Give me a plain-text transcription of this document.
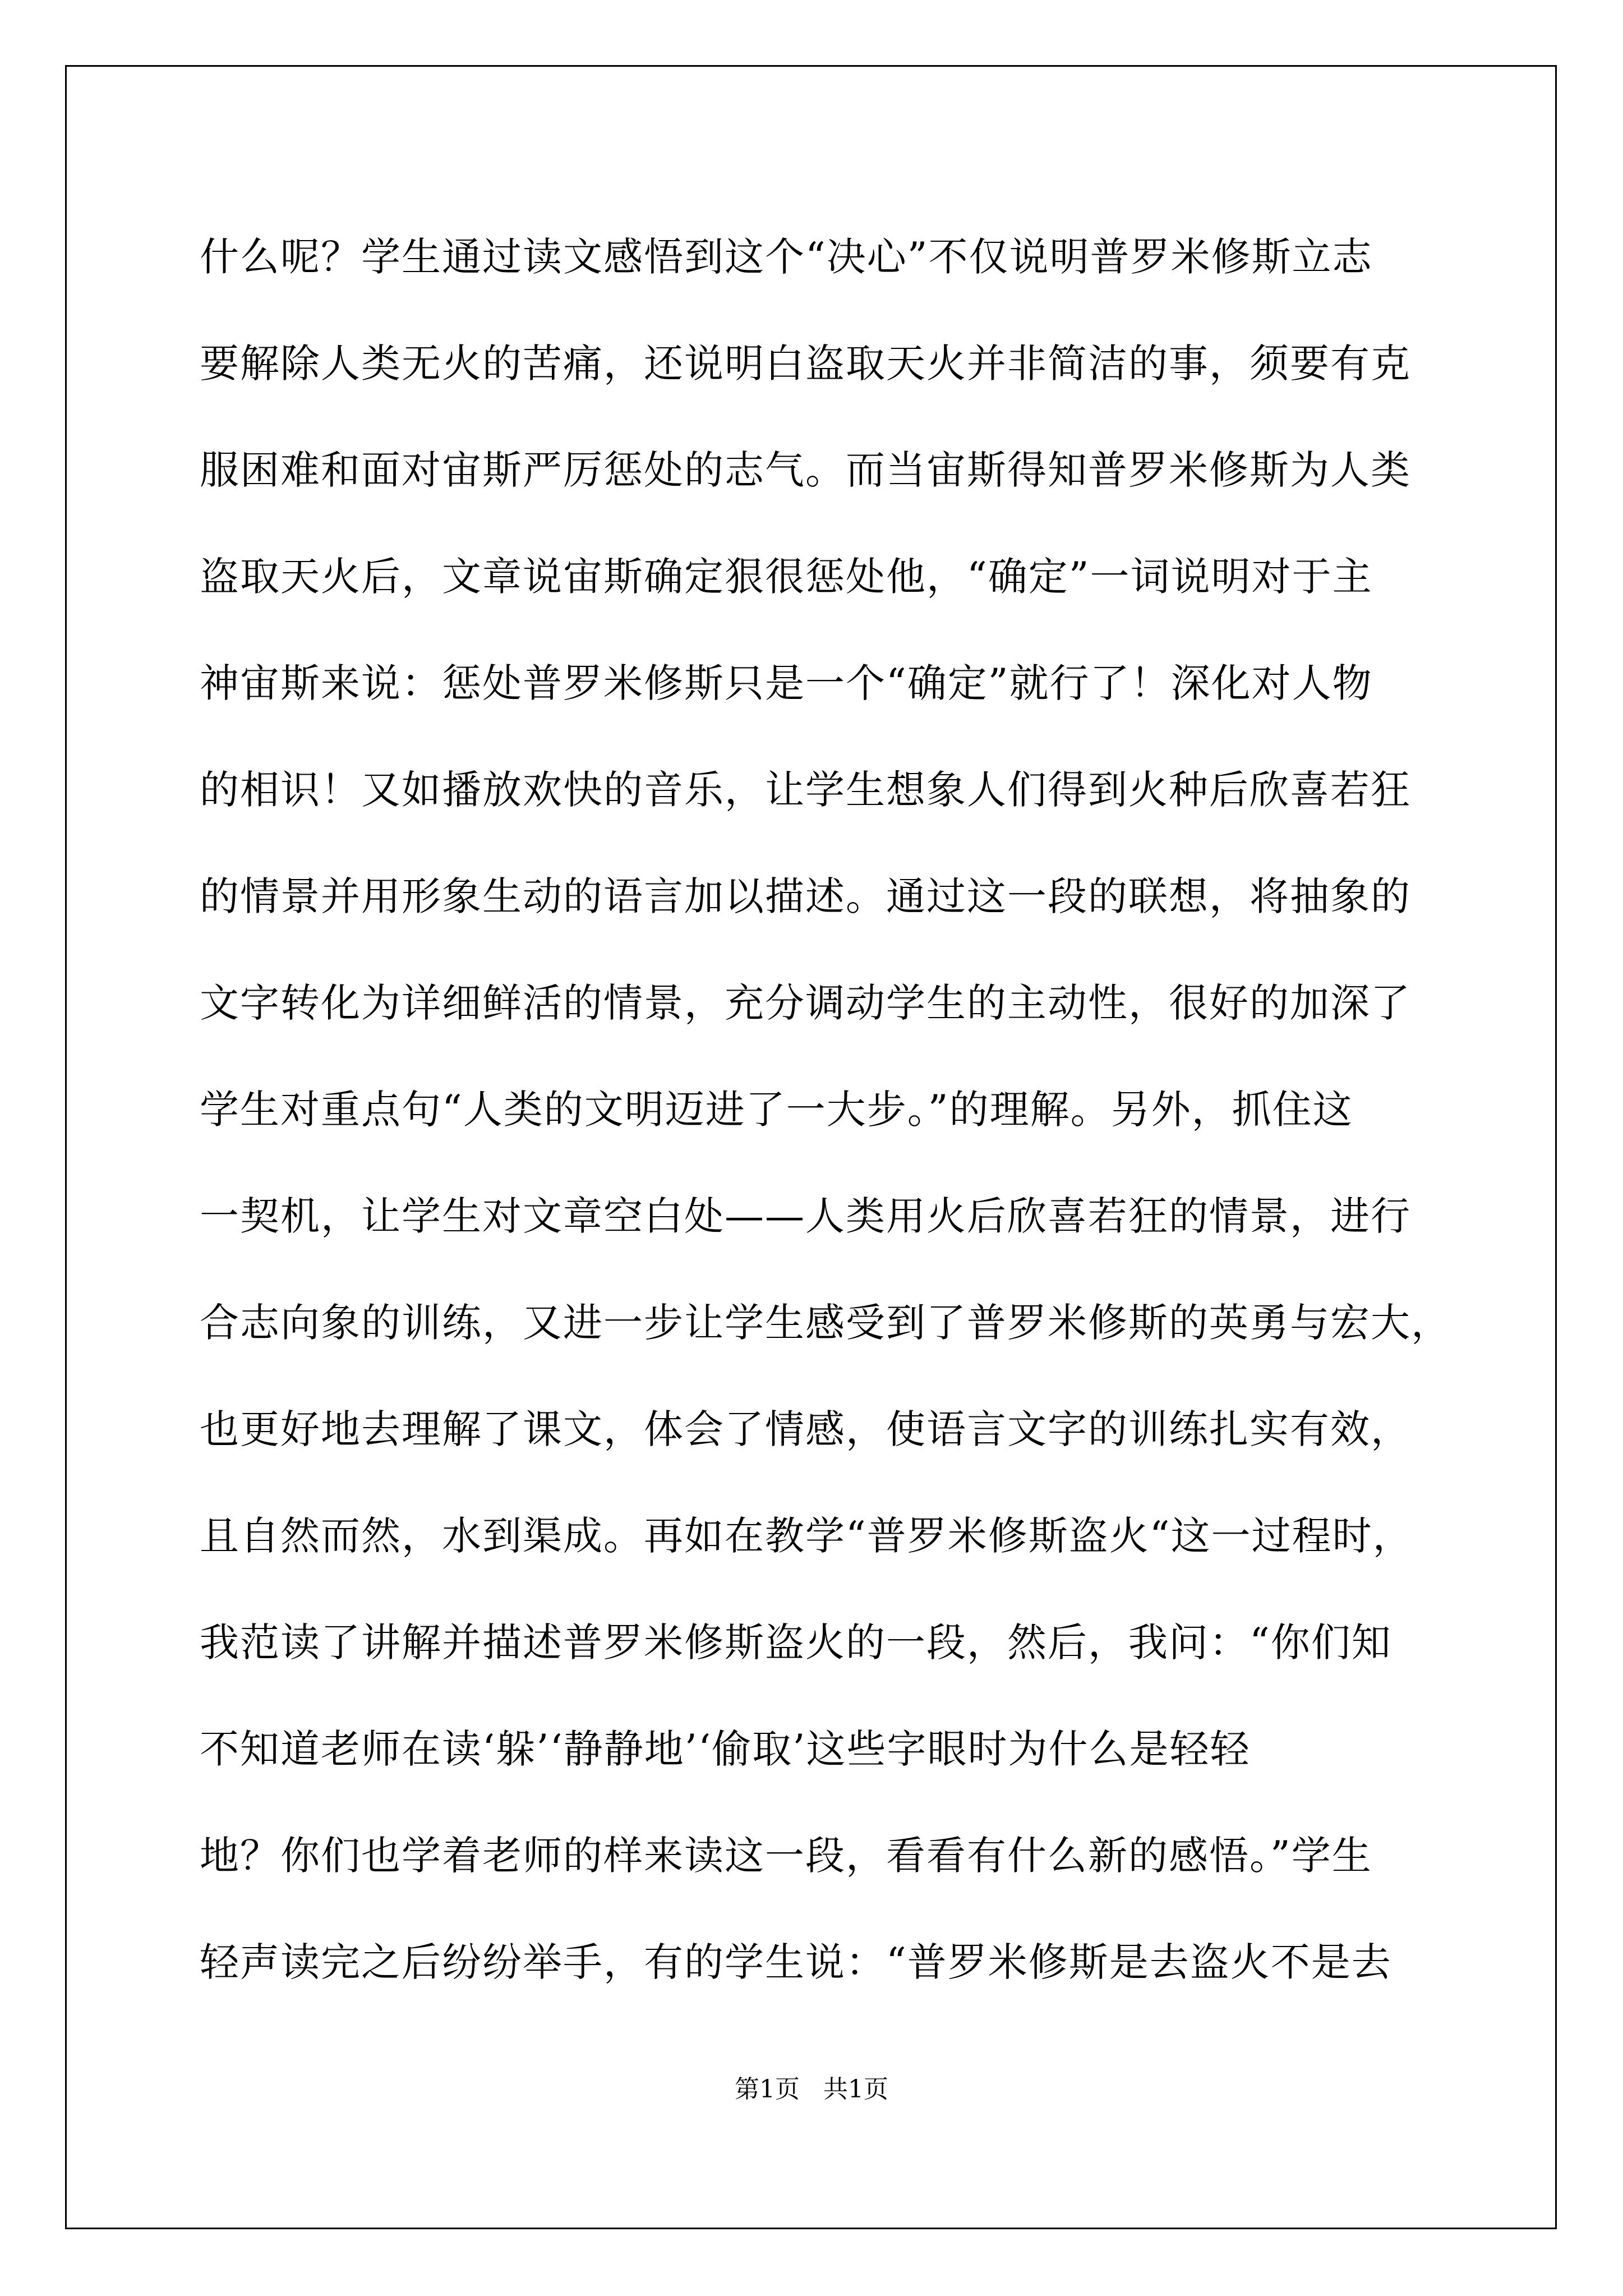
什么呢？学生通过读文感悟到这个“决心”不仅说明普罗米修斯立志
要解除人类无火的苦痛，还说明白盗取天火并非简洁的事，须要有克
服困难和面对宙斯严厉惩处的志气。而当宙斯得知普罗米修斯为人类
盗取天火后，文章说宙斯确定狠很惩处他，“确定”一词说明对于主
神宙斯来说：惩处普罗米修斯只是一个“确定”就行了！深化对人物
的相识！又如播放欢快的音乐，让学生想象人们得到火种后欣喜若狂
的情景并用形象生动的语言加以描述。通过这一段的联想，将抽象的
文字转化为详细鲜活的情景，充分调动学生的主动性，很好的加深了
学生对重点句“人类的文明迈进了一大步。”的理解。另外，抓住这
一契机，让学生对文章空白处——人类用火后欣喜若狂的情景，进行
合志向象的训练，又进一步让学生感受到了普罗米修斯的英勇与宏大，
也更好地去理解了课文，体会了情感，使语言文字的训练扎实有效，
且自然而然，水到渠成。再如在教学“普罗米修斯盗火“这一过程时，
我范读了讲解并描述普罗米修斯盗火的一段，然后，我问：“你们知
不知道老师在读‘躲’‘静静地’‘偷取’这些字眼时为什么是轻轻
地？你们也学着老师的样来读这一段，看看有什么新的感悟。”学生
轻声读完之后纷纷举手，有的学生说：“普罗米修斯是去盗火不是去
第1页   共1页
